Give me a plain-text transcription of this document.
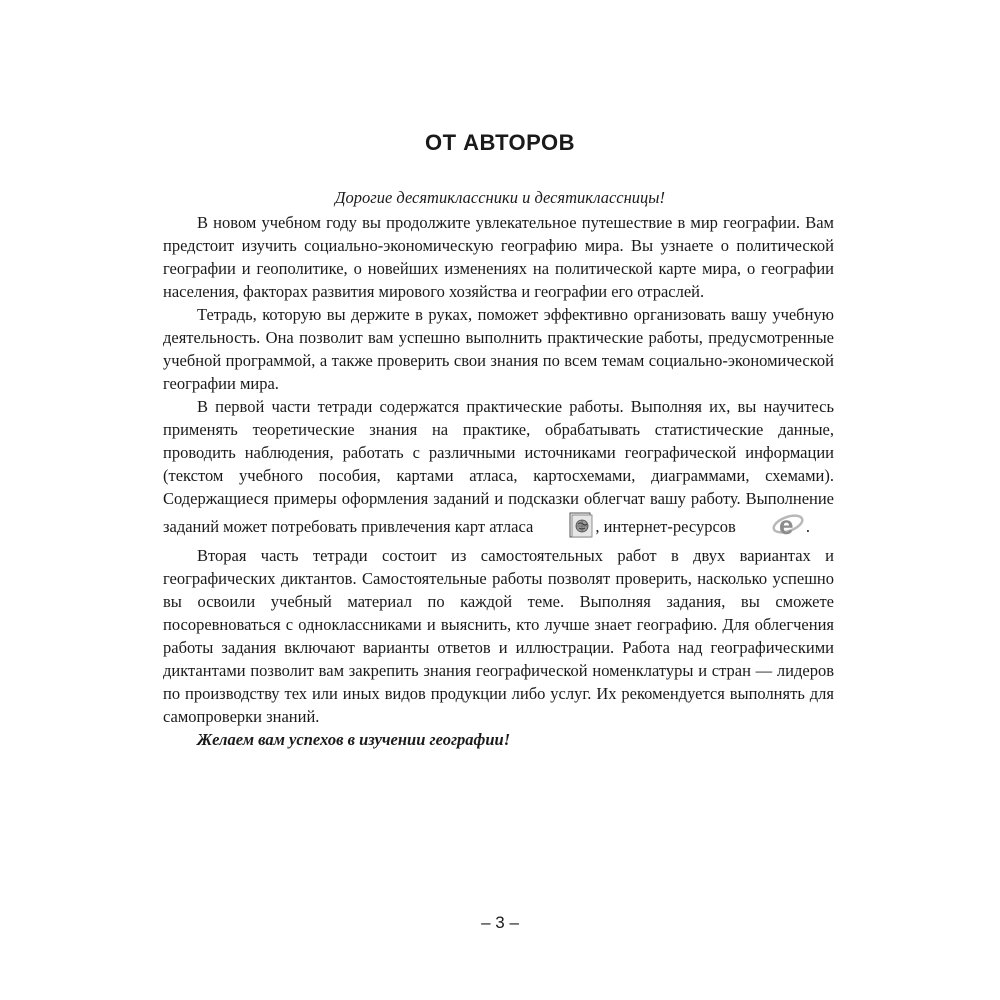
ОТ АВТОРОВ

Дорогие десятиклассники и десятиклассницы!

В новом учебном году вы продолжите увлекательное путешествие в мир географии. Вам предстоит изучить социально-экономическую географию мира. Вы узнаете о политической географии и геополитике, о новейших изменениях на политической карте мира, о географии населения, факторах развития мирового хозяйства и географии его отраслей.

Тетрадь, которую вы держите в руках, поможет эффективно организовать вашу учебную деятельность. Она позволит вам успешно выполнить практические работы, предусмотренные учебной программой, а также проверить свои знания по всем темам социально-экономической географии мира.

В первой части тетради содержатся практические работы. Выполняя их, вы научитесь применять теоретические знания на практике, обрабатывать статистические данные, проводить наблюдения, работать с различными источниками географической информации (текстом учебного пособия, картами атласа, картосхемами, диаграммами, схемами). Содержащиеся примеры оформления заданий и подсказки облегчат вашу работу. Выполнение заданий может потребовать привлечения карт атласа	, интернет-ресурсов e .

Вторая часть тетради состоит из самостоятельных работ в двух вариантах и географических диктантов. Самостоятельные работы позволят проверить, насколько успешно вы освоили учебный материал по каждой теме. Выполняя задания, вы сможете посоревноваться с одноклассниками и выяснить, кто лучше знает географию. Для облегчения работы задания включают варианты ответов и иллюстрации. Работа над географическими диктантами позволит вам закрепить знания географической номенклатуры и стран — лидеров по производству тех или иных видов продукции либо услуг. Их рекомендуется выполнять для самопроверки знаний.

Желаем вам успехов в изучении географии!

– 3 –
